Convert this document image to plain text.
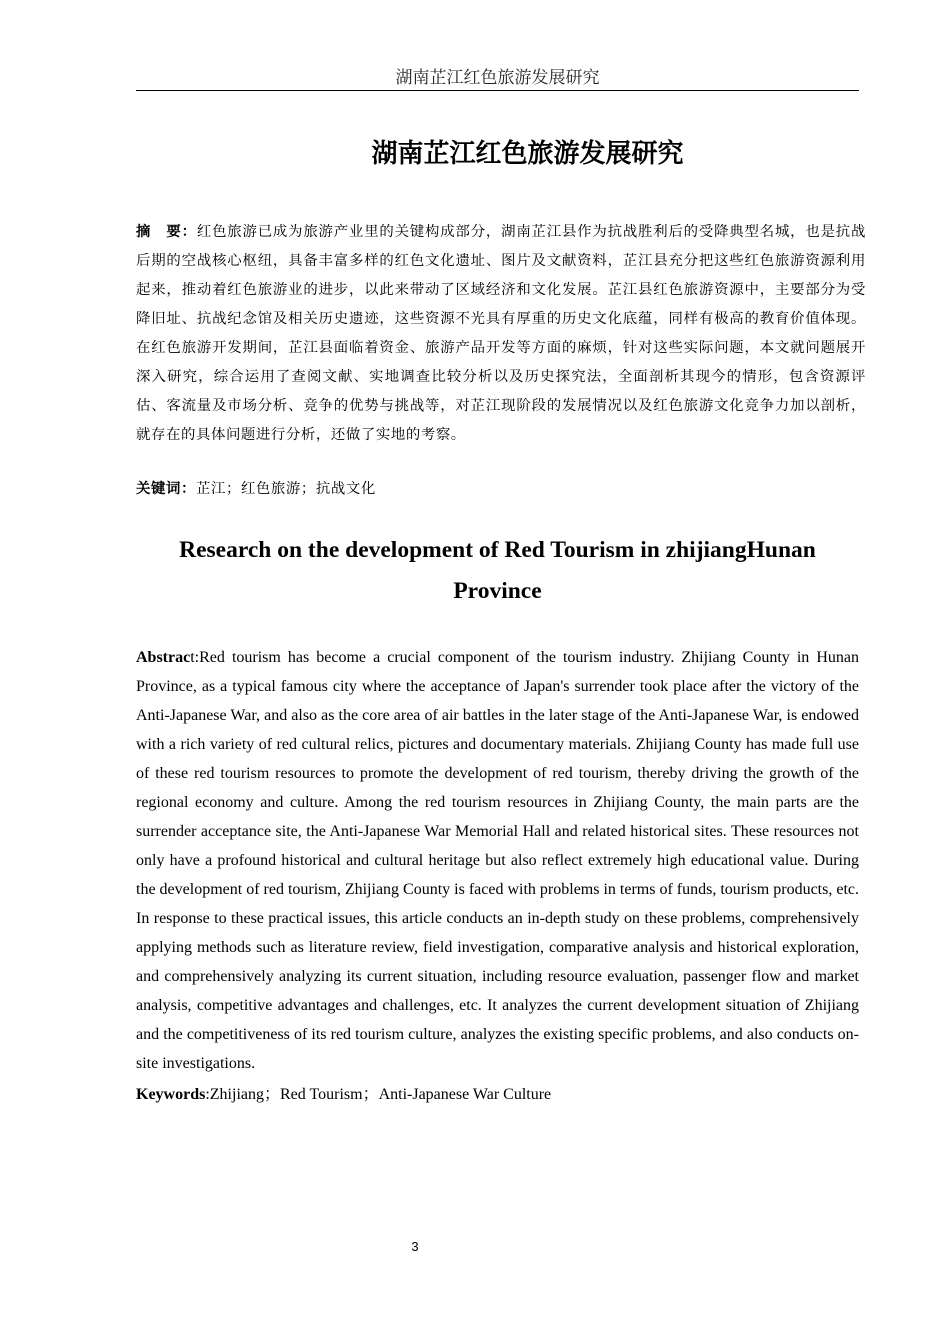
湖南芷江红色旅游发展研究
湖南芷江红色旅游发展研究
摘　要：红色旅游已成为旅游产业里的关键构成部分，湖南芷江县作为抗战胜利后的受降典型名城，也是抗战后期的空战核心枢纽，具备丰富多样的红色文化遗址、图片及文献资料，芷江县充分把这些红色旅游资源利用起来，推动着红色旅游业的进步，以此来带动了区域经济和文化发展。芷江县红色旅游资源中，主要部分为受降旧址、抗战纪念馆及相关历史遗迹，这些资源不光具有厚重的历史文化底蕴，同样有极高的教育价值体现。在红色旅游开发期间，芷江县面临着资金、旅游产品开发等方面的麻烦，针对这些实际问题，本文就问题展开深入研究，综合运用了查阅文献、实地调查比较分析以及历史探究法，全面剖析其现今的情形，包含资源评估、客流量及市场分析、竞争的优势与挑战等，对芷江现阶段的发展情况以及红色旅游文化竞争力加以剖析，就存在的具体问题进行分析，还做了实地的考察。
关键词：芷江；红色旅游；抗战文化
Research on the development of Red Tourism in zhijiangHunan Province
Abstract:Red tourism has become a crucial component of the tourism industry. Zhijiang County in Hunan Province, as a typical famous city where the acceptance of Japan's surrender took place after the victory of the Anti-Japanese War, and also as the core area of air battles in the later stage of the Anti-Japanese War, is endowed with a rich variety of red cultural relics, pictures and documentary materials. Zhijiang County has made full use of these red tourism resources to promote the development of red tourism, thereby driving the growth of the regional economy and culture. Among the red tourism resources in Zhijiang County, the main parts are the surrender acceptance site, the Anti-Japanese War Memorial Hall and related historical sites. These resources not only have a profound historical and cultural heritage but also reflect extremely high educational value. During the development of red tourism, Zhijiang County is faced with problems in terms of funds, tourism products, etc. In response to these practical issues, this article conducts an in-depth study on these problems, comprehensively applying methods such as literature review, field investigation, comparative analysis and historical exploration, and comprehensively analyzing its current situation, including resource evaluation, passenger flow and market analysis, competitive advantages and challenges, etc. It analyzes the current development situation of Zhijiang and the competitiveness of its red tourism culture, analyzes the existing specific problems, and also conducts on-site investigations.
Keywords:Zhijiang；Red Tourism；Anti-Japanese War Culture
3
